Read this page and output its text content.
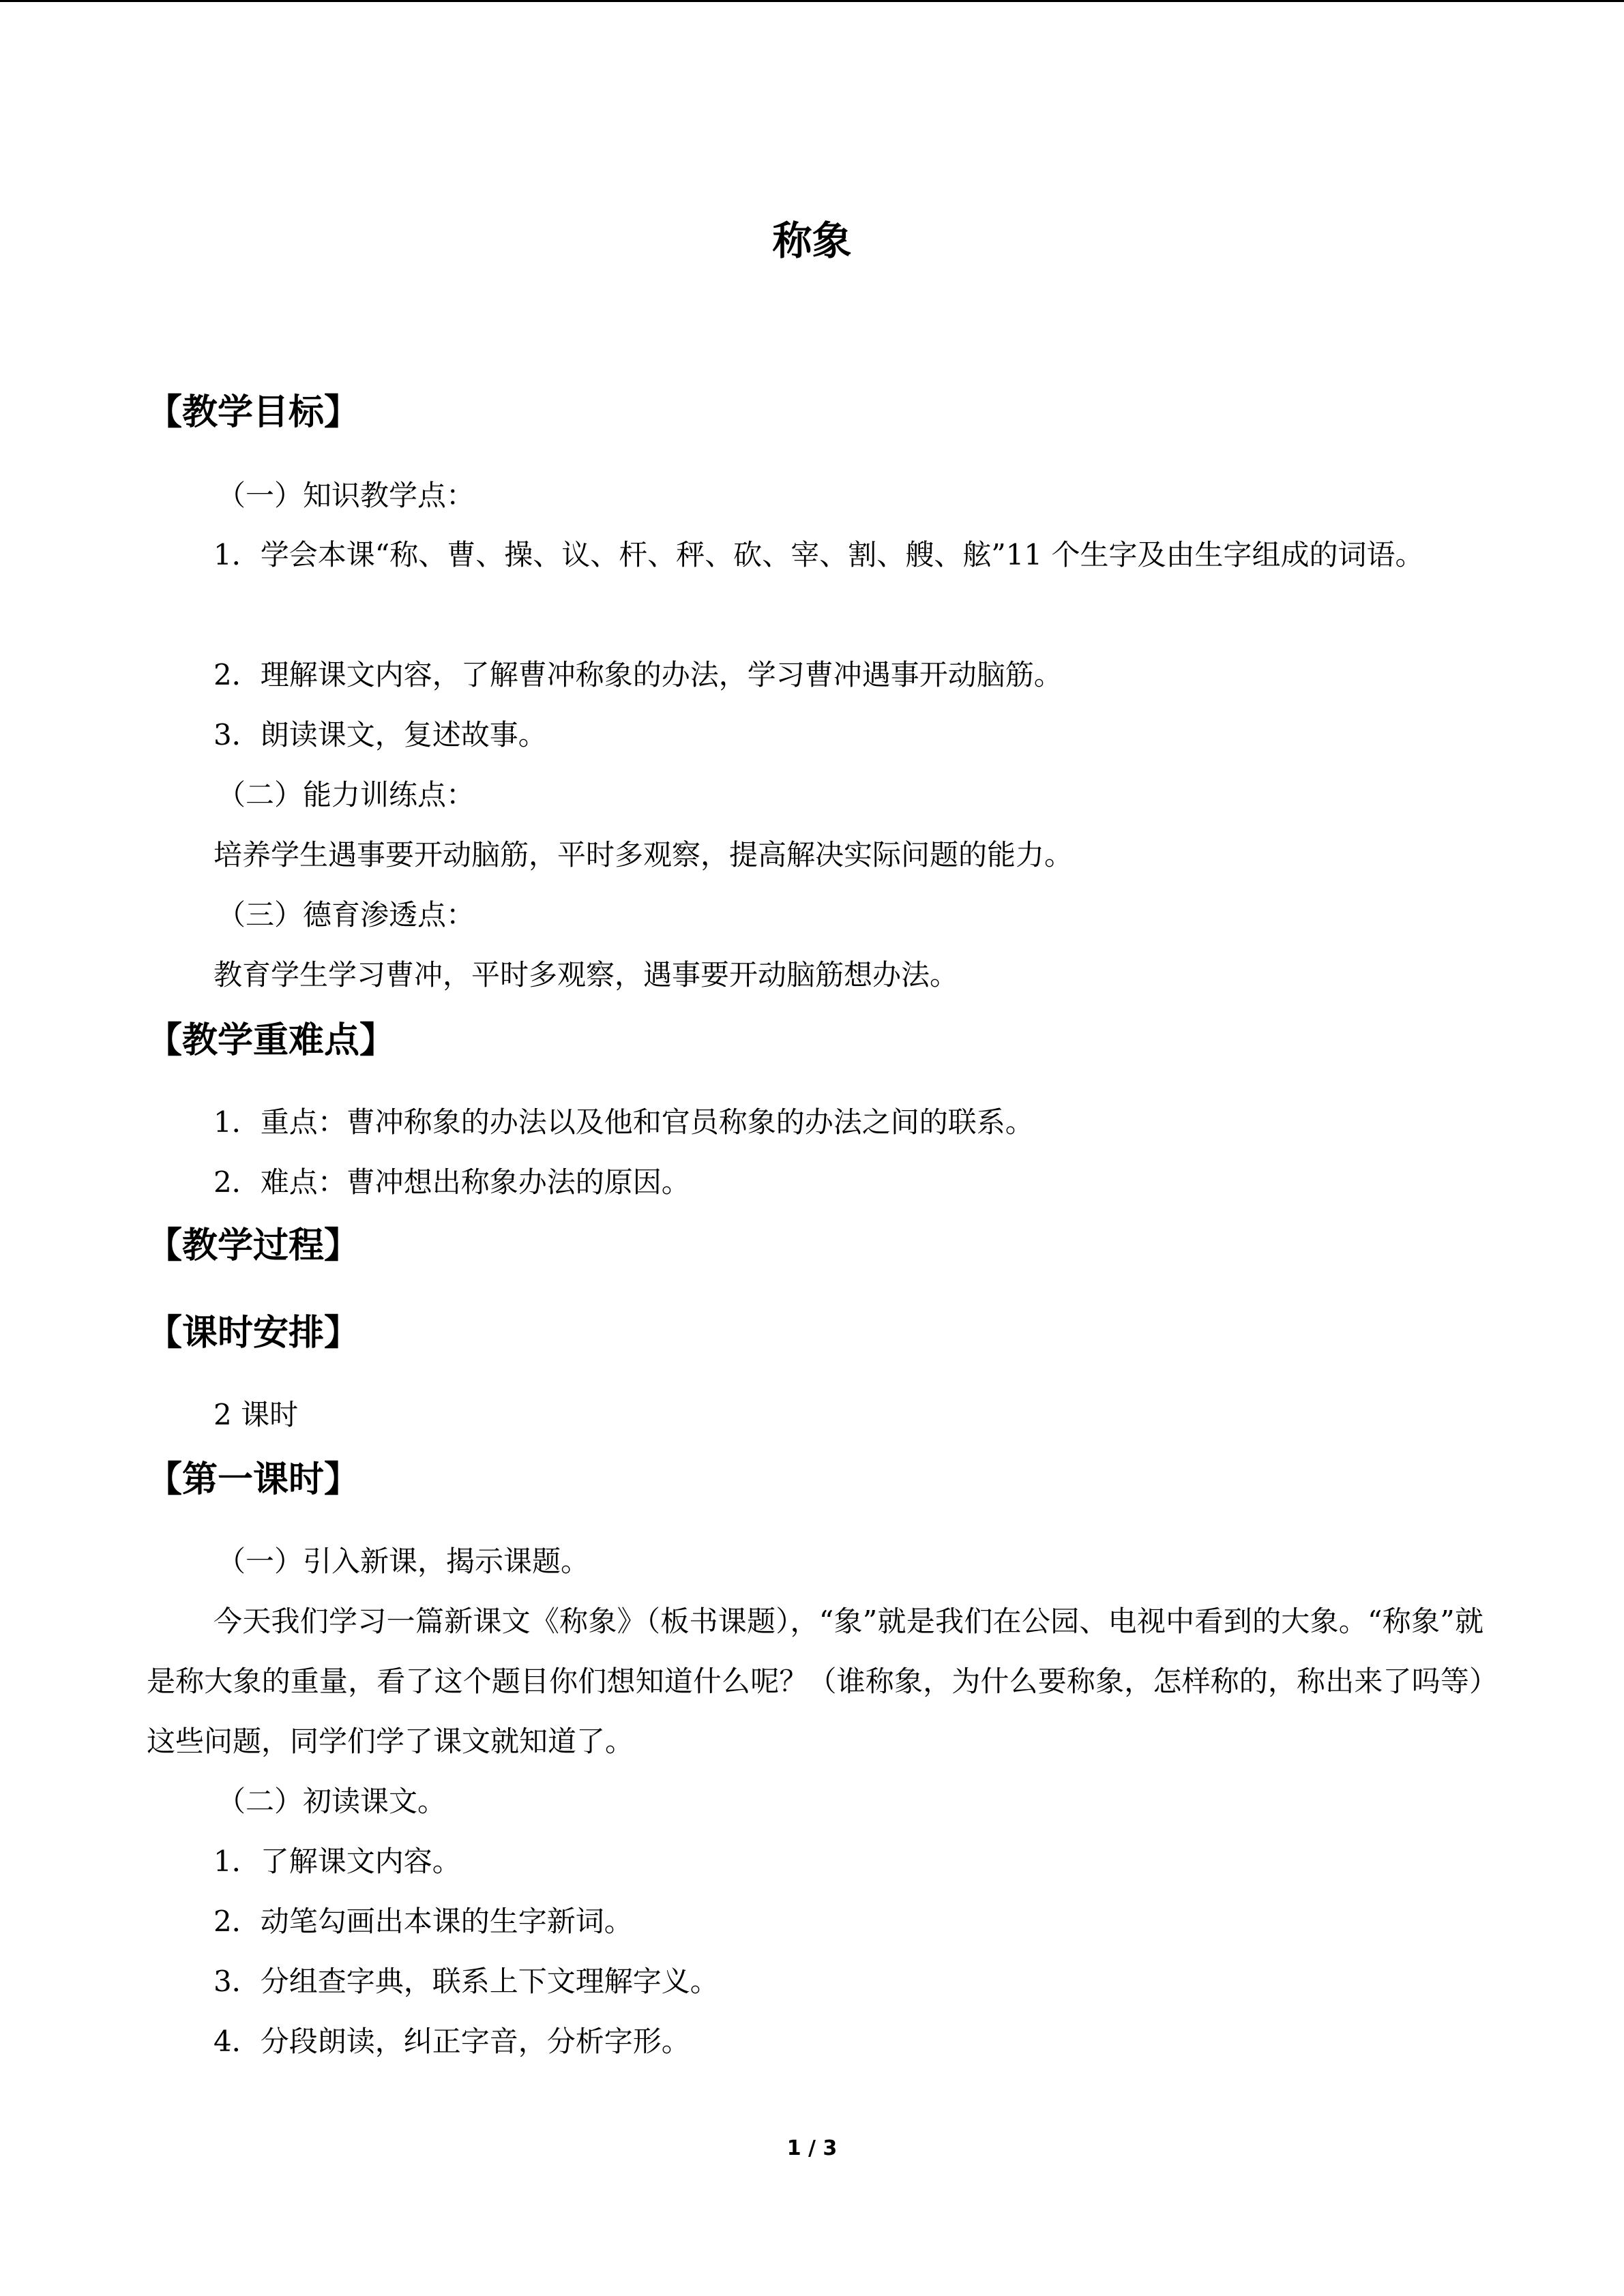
称象
【教学目标】
（一）知识教学点：
1．学会本课“称、曹、操、议、杆、秤、砍、宰、割、艘、舷”11 个生字及由生字组成的词语。
2．理解课文内容，了解曹冲称象的办法，学习曹冲遇事开动脑筋。
3．朗读课文，复述故事。
（二）能力训练点：
培养学生遇事要开动脑筋，平时多观察，提高解决实际问题的能力。
（三）德育渗透点：
教育学生学习曹冲，平时多观察，遇事要开动脑筋想办法。
【教学重难点】
1．重点：曹冲称象的办法以及他和官员称象的办法之间的联系。
2．难点：曹冲想出称象办法的原因。
【教学过程】
【课时安排】
2 课时
【第一课时】
（一）引入新课，揭示课题。
今天我们学习一篇新课文《称象》（板书课题），“象”就是我们在公园、电视中看到的大象。“称象”就是称大象的重量，看了这个题目你们想知道什么呢？（谁称象，为什么要称象，怎样称的，称出来了吗等）这些问题，同学们学了课文就知道了。
（二）初读课文。
1．了解课文内容。
2．动笔勾画出本课的生字新词。
3．分组查字典，联系上下文理解字义。
4．分段朗读，纠正字音，分析字形。
1 / 3
